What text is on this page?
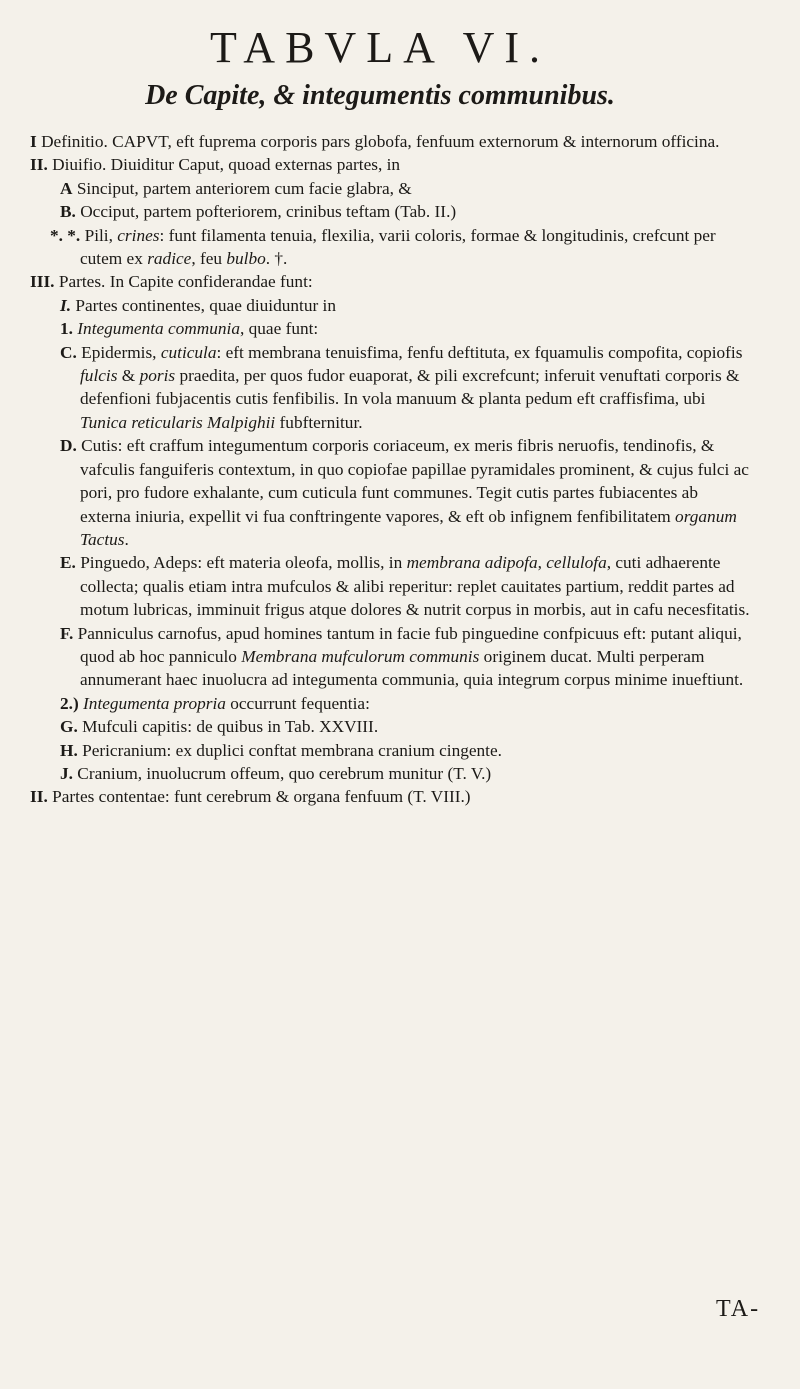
TABVLA VI.
De Capite, & integumentis communibus.

I Definitio. CAPVT, eft fuprema corporis pars globofa, fenfuum externorum & internorum officina.

II. Diuifio. Diuiditur Caput, quoad externas partes, in

A Sinciput, partem anteriorem cum facie glabra, &

B. Occiput, partem pofteriorem, crinibus teftam (Tab. II.)

*. *. Pili, crines: funt filamenta tenuia, flexilia, varii coloris, formae & longitudinis, crefcunt per cutem ex radice, feu bulbo. †.

III. Partes. In Capite confiderandae funt:

I. Partes continentes, quae diuiduntur in

1. Integumenta communia, quae funt:

C. Epidermis, cuticula: eft membrana tenuisfima, fenfu deftituta, ex fquamulis compofita, copiofis fulcis & poris praedita, per quos fudor euaporat, & pili excrefcunt; inferuit venuftati corporis & defenfioni fubjacentis cutis fenfibilis. In vola manuum & planta pedum eft craffisfima, ubi Tunica reticularis Malpighii fubfternitur.

D. Cutis: eft craffum integumentum corporis coriaceum, ex meris fibris neruofis, tendinofis, & vafculis fanguiferis contextum, in quo copiofae papillae pyramidales prominent, & cujus fulci ac pori, pro fudore exhalante, cum cuticula funt communes. Tegit cutis partes fubiacentes ab externa iniuria, expellit vi fua conftringente vapores, & eft ob infignem fenfibilitatem organum Tactus.

E. Pinguedo, Adeps: eft materia oleofa, mollis, in membrana adipofa, cellulofa, cuti adhaerente collecta; qualis etiam intra mufculos & alibi reperitur: replet cauitates partium, reddit partes ad motum lubricas, imminuit frigus atque dolores & nutrit corpus in morbis, aut in cafu necesfitatis.

F. Panniculus carnofus, apud homines tantum in facie fub pinguedine confpicuus eft: putant aliqui, quod ab hoc panniculo Membrana mufculorum communis originem ducat. Multi perperam annumerant haec inuolucra ad integumenta communia, quia integrum corpus minime inueftiunt.

2.) Integumenta propria occurrunt fequentia:

G. Mufculi capitis: de quibus in Tab. XXVIII.

H. Pericranium: ex duplici conftat membrana cranium cingente.

J. Cranium, inuolucrum offeum, quo cerebrum munitur (T. V.)

II. Partes contentae: funt cerebrum & organa fenfuum (T. VIII.)

TA-
